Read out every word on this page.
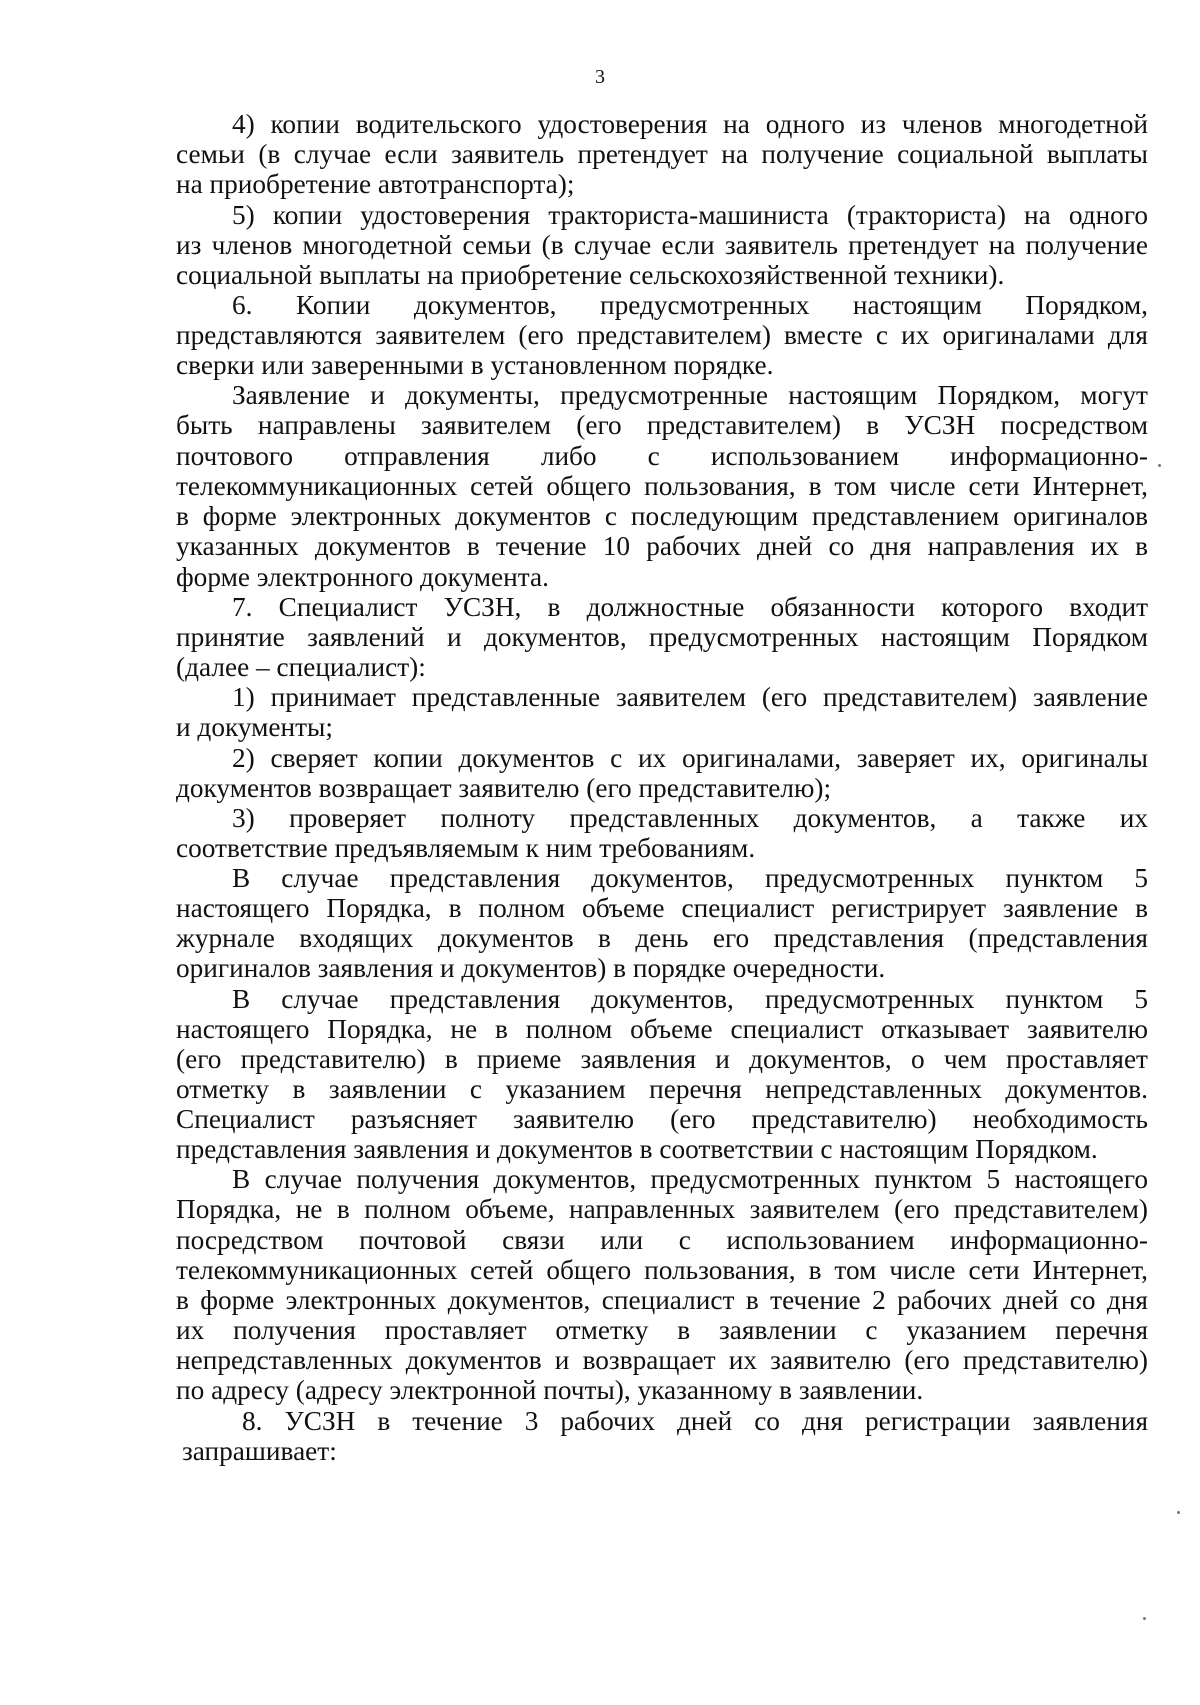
3
4) копии водительского удостоверения на одного из членов многодетной
семьи (в случае если заявитель претендует на получение социальной выплаты
на приобретение автотранспорта);
5) копии удостоверения тракториста-машиниста (тракториста) на одного
из членов многодетной семьи (в случае если заявитель претендует на получение
социальной выплаты на приобретение сельскохозяйственной техники).
6. Копии документов, предусмотренных настоящим Порядком,
представляются заявителем (его представителем) вместе с их оригиналами для
сверки или заверенными в установленном порядке.
Заявление и документы, предусмотренные настоящим Порядком, могут
быть направлены заявителем (его представителем) в УСЗН посредством
почтового отправления либо с использованием информационно-
телекоммуникационных сетей общего пользования, в том числе сети Интернет,
в форме электронных документов с последующим представлением оригиналов
указанных документов в течение 10 рабочих дней со дня направления их в
форме электронного документа.
7. Специалист УСЗН, в должностные обязанности которого входит
принятие заявлений и документов, предусмотренных настоящим Порядком
(далее – специалист):
1) принимает представленные заявителем (его представителем) заявление
и документы;
2) сверяет копии документов с их оригиналами, заверяет их, оригиналы
документов возвращает заявителю (его представителю);
3) проверяет полноту представленных документов, а также их
соответствие предъявляемым к ним требованиям.
В случае представления документов, предусмотренных пунктом 5
настоящего Порядка, в полном объеме специалист регистрирует заявление в
журнале входящих документов в день его представления (представления
оригиналов заявления и документов) в порядке очередности.
В случае представления документов, предусмотренных пунктом 5
настоящего Порядка, не в полном объеме специалист отказывает заявителю
(его представителю) в приеме заявления и документов, о чем проставляет
отметку в заявлении с указанием перечня непредставленных документов.
Специалист разъясняет заявителю (его представителю) необходимость
представления заявления и документов в соответствии с настоящим Порядком.
В случае получения документов, предусмотренных пунктом 5 настоящего
Порядка, не в полном объеме, направленных заявителем (его представителем)
посредством почтовой связи или с использованием информационно-
телекоммуникационных сетей общего пользования, в том числе сети Интернет,
в форме электронных документов, специалист в течение 2 рабочих дней со дня
их получения проставляет отметку в заявлении с указанием перечня
непредставленных документов и возвращает их заявителю (его представителю)
по адресу (адресу электронной почты), указанному в заявлении.
8. УСЗН в течение 3 рабочих дней со дня регистрации заявления
запрашивает:
